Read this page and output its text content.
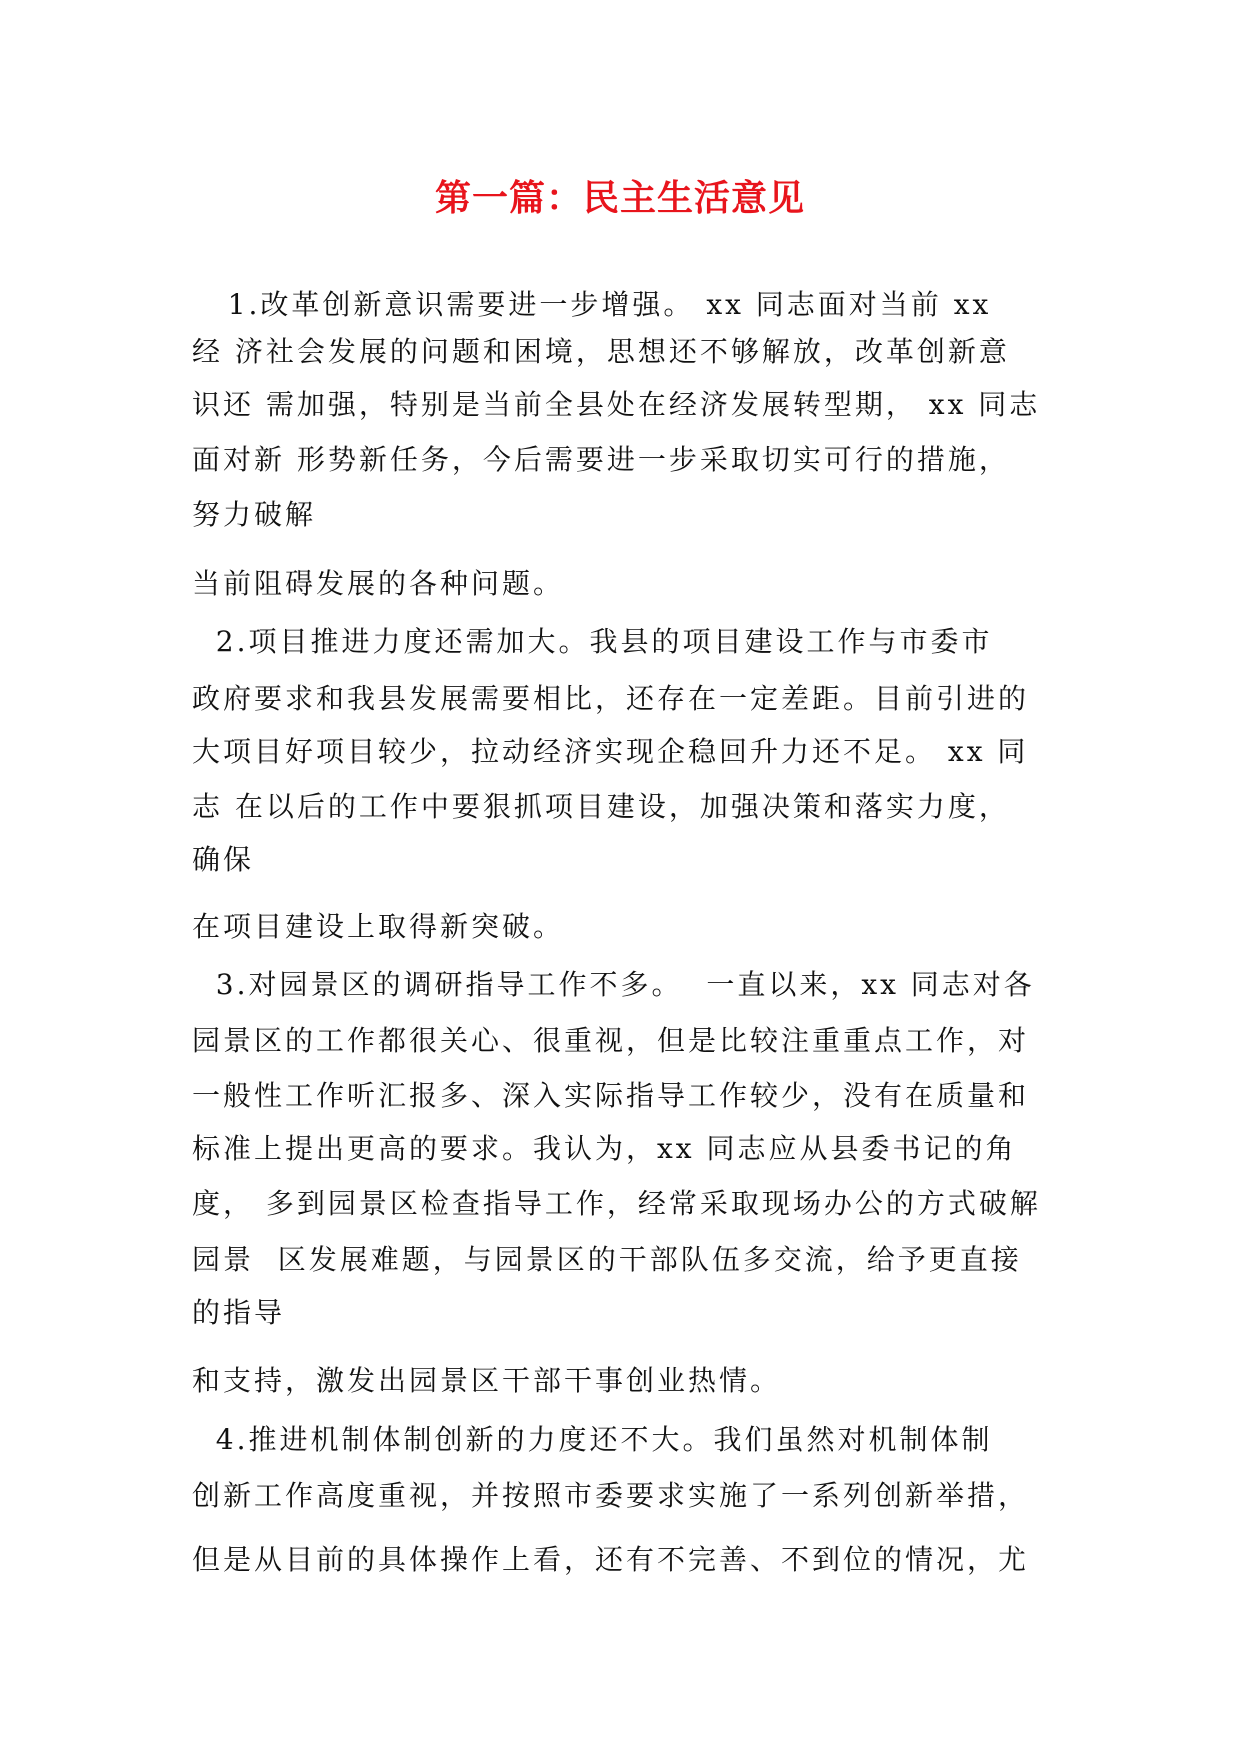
第一篇：民主生活意见
1.改革创新意识需要进一步增强。 xx 同志面对当前 xx
经 济社会发展的问题和困境，思想还不够解放，改革创新意
识还 需加强，特别是当前全县处在经济发展转型期， xx 同志
面对新 形势新任务，今后需要进一步采取切实可行的措施，
努力破解
当前阻碍发展的各种问题。
2.项目推进力度还需加大。我县的项目建设工作与市委市
政府要求和我县发展需要相比，还存在一定差距。目前引进的
大项目好项目较少，拉动经济实现企稳回升力还不足。 xx 同
志 在以后的工作中要狠抓项目建设，加强决策和落实力度，
确保
在项目建设上取得新突破。
3.对园景区的调研指导工作不多。  一直以来，xx 同志对各
园景区的工作都很关心、很重视，但是比较注重重点工作，对
一般性工作听汇报多、深入实际指导工作较少，没有在质量和
标准上提出更高的要求。我认为，xx 同志应从县委书记的角
度， 多到园景区检查指导工作，经常采取现场办公的方式破解
园景  区发展难题，与园景区的干部队伍多交流，给予更直接
的指导
和支持，激发出园景区干部干事创业热情。
4.推进机制体制创新的力度还不大。我们虽然对机制体制
创新工作高度重视，并按照市委要求实施了一系列创新举措，
但是从目前的具体操作上看，还有不完善、不到位的情况，尤
